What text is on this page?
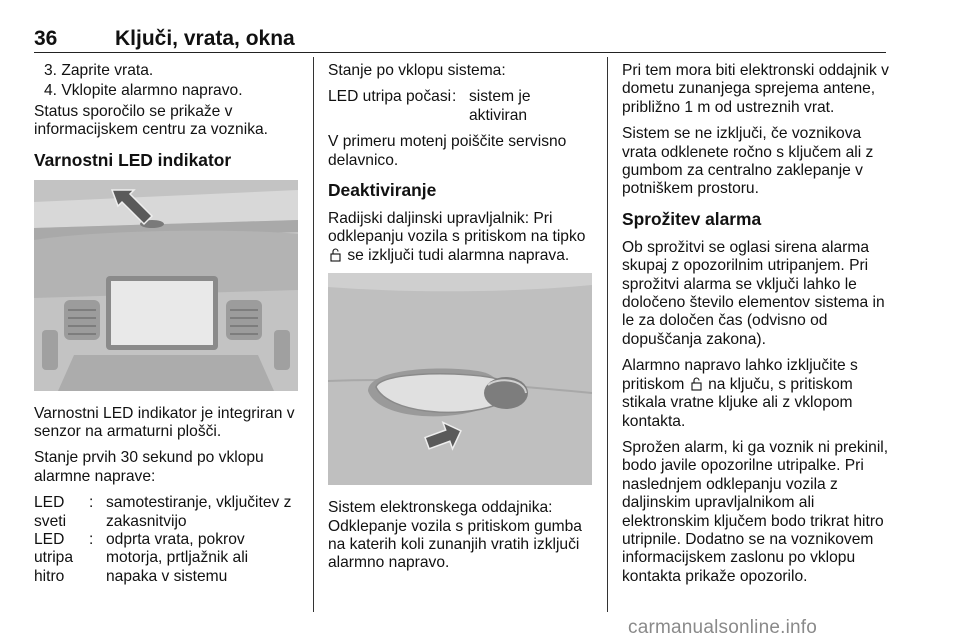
36	Ključi, vrata, okna
3. Zaprite vrata.
4. Vklopite alarmno napravo.

Status sporočilo se prikaže v informacijskem centru za voznika.

Varnostni LED indikator

Varnostni LED indikator je integriran v senzor na armaturni plošči.

Stanje prvih 30 sekund po vklopu alarmne naprave:

LED sveti
: samotestiranje, vključitev z zakasnitvijo
LED utripa hitro
: odprta vrata, pokrov motorja, prtljažnik ali napaka v sistemu

Stanje po vklopu sistema:

LED utripa počasi : sistem je aktiviran

V primeru motenj poiščite servisno delavnico.

Deaktiviranje

Radijski daljinski upravljalnik: Pri odklepanju vozila s pritiskom na tipko  se izključi tudi alarmna naprava.

Sistem elektronskega oddajnika: Odklepanje vozila s pritiskom gumba na katerih koli zunanjih vratih izključi alarmno napravo.

Pri tem mora biti elektronski oddajnik v dometu zunanjega sprejema antene, približno 1 m od ustreznih vrat.

Sistem se ne izključi, če voznikova vrata odklenete ročno s ključem ali z gumbom za centralno zaklepanje v potniškem prostoru.

Sprožitev alarma

Ob sprožitvi se oglasi sirena alarma skupaj z opozorilnim utripanjem. Pri sprožitvi alarma se vključi lahko le določeno število elementov sistema in le za določen čas (odvisno od dopuščanja zakona).

Alarmno napravo lahko izključite s pritiskom na ključu, s pritiskom stikala vratne kljuke ali z vklopom kontakta.

Sprožen alarm, ki ga voznik ni prekinil, bodo javile opozorilne utripalke. Pri naslednjem odklepanju vozila z daljinskim upravljalnikom ali elektronskim ključem bodo trikrat hitro utripnile. Dodatno se na voznikovem informacijskem zaslonu po vklopu kontakta prikaže opozorilo.

carmanualsonline.info
